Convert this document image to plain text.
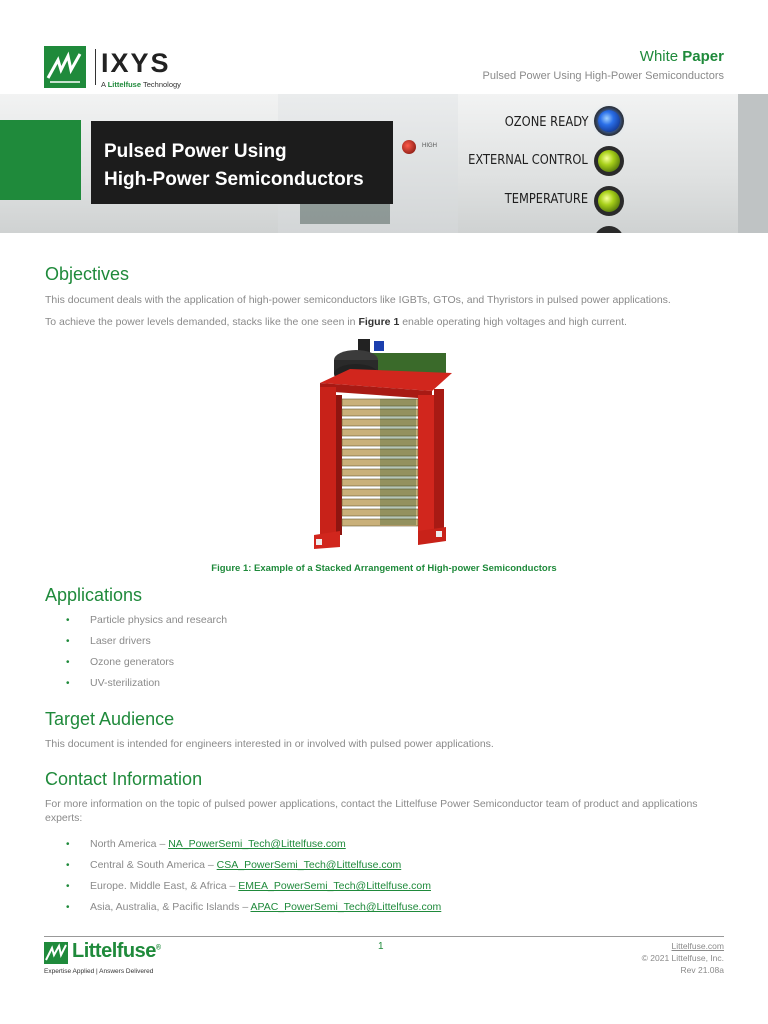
IXYS
A Littelfuse Technology
White Paper
Pulsed Power Using High-Power Semiconductors
HIGH
OZONE READY
EXTERNAL CONTROL
TEMPERATURE
Pulsed Power Using
High-Power Semiconductors
Objectives
This document deals with the application of high-power semiconductors like IGBTs, GTOs, and Thyristors in pulsed power applications.
To achieve the power levels demanded, stacks like the one seen in Figure 1 enable operating high voltages and high current.
Figure 1: Example of a Stacked Arrangement of High-power Semiconductors
Applications
• Particle physics and research
• Laser drivers
• Ozone generators
• UV-sterilization
Target Audience
This document is intended for engineers interested in or involved with pulsed power applications.
Contact Information
For more information on the topic of pulsed power applications, contact the Littelfuse Power Semiconductor team of product and applications experts:
• North America – NA_PowerSemi_Tech@Littelfuse.com
• Central & South America – CSA_PowerSemi_Tech@Littelfuse.com
• Europe. Middle East, & Africa – EMEA_PowerSemi_Tech@Littelfuse.com
• Asia, Australia, & Pacific Islands – APAC_PowerSemi_Tech@Littelfuse.com
Littelfuse®
Expertise Applied | Answers Delivered
1	Littelfuse.com
© 2021 Littelfuse, Inc.
Rev 21.08a
